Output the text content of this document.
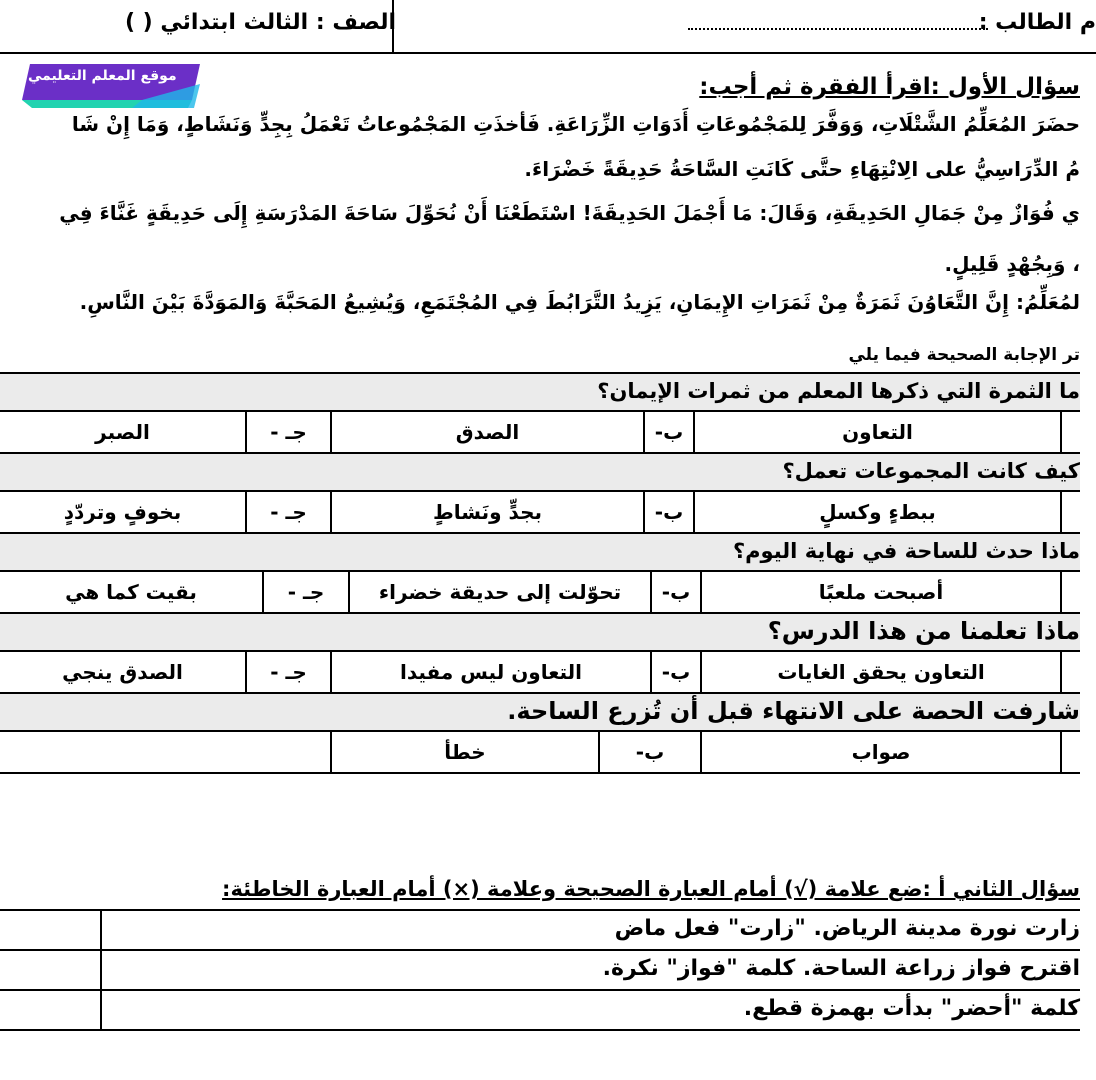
م الطالب :
الصف : الثالث ابتدائي ( )
موقع المعلم التعليمي	سؤال الأول :اقرأ الفقرة ثم أجب:
حضَرَ المُعَلِّمُ الشَّتْلَاتِ، وَوَفَّرَ لِلمَجْمُوعَاتِ أَدَوَاتِ الزِّرَاعَةِ. فَأخذَتِ المَجْمُوعاتُ تَعْمَلُ بِجِدٍّ وَنَشَاطٍ، وَمَا إِنْ شَا
مُ الدِّرَاسِيُّ على الِانْتِهَاءِ حتَّى كَانَتِ السَّاحَةُ حَدِيقَةً خَضْرَاءَ.
ي فُوَازٌ مِنْ جَمَالِ الحَدِيقَةِ، وَقَالَ: مَا أَجْمَلَ الحَدِيقَةَ! اسْتَطَعْنَا أَنْ نُحَوِّلَ سَاحَةَ المَدْرَسَةِ إِلَى حَدِيقَةٍ غَنَّاءَ فِي
، وَبِجُهْدٍ قَلِيلٍ.
لمُعَلِّمُ: إِنَّ التَّعَاوُنَ ثَمَرَةٌ مِنْ ثَمَرَاتِ الإِيمَانِ، يَزِيدُ التَّرَابُطَ فِي المُجْتَمَعِ، وَيُشِيعُ المَحَبَّةَ وَالمَوَدَّةَ بَيْنَ النَّاسِ.
تر الإجابة الصحيحة فيما يلي
ما الثمرة التي ذكرها المعلم من ثمرات الإيمان؟
التعاون
ب-
الصدق
جـ -
الصبر
كيف كانت المجموعات تعمل؟
ببطءٍ وكسلٍ
ب-
بجدٍّ ونَشاطٍ
جـ -
بخوفٍ وتردّدٍ
ماذا حدث للساحة في نهاية اليوم؟
أصبحت ملعبًا
ب-
تحوّلت إلى حديقة خضراء
جـ -
بقيت كما هي
ماذا تعلمنا من هذا الدرس؟
التعاون يحقق الغايات
ب-
التعاون ليس مفيدا
جـ -
الصدق ينجي
شارفت الحصة على الانتهاء قبل أن تُزرع الساحة.
صواب
ب-
خطأ
سؤال الثاني أ :ضع علامة (√) أمام العبارة الصحيحة وعلامة (×) أمام العبارة الخاطئة:
زارت نورة مدينة الرياض. "زارت" فعل ماض
اقترح فواز زراعة الساحة. كلمة "فواز" نكرة.
كلمة "أحضر" بدأت بهمزة قطع.
